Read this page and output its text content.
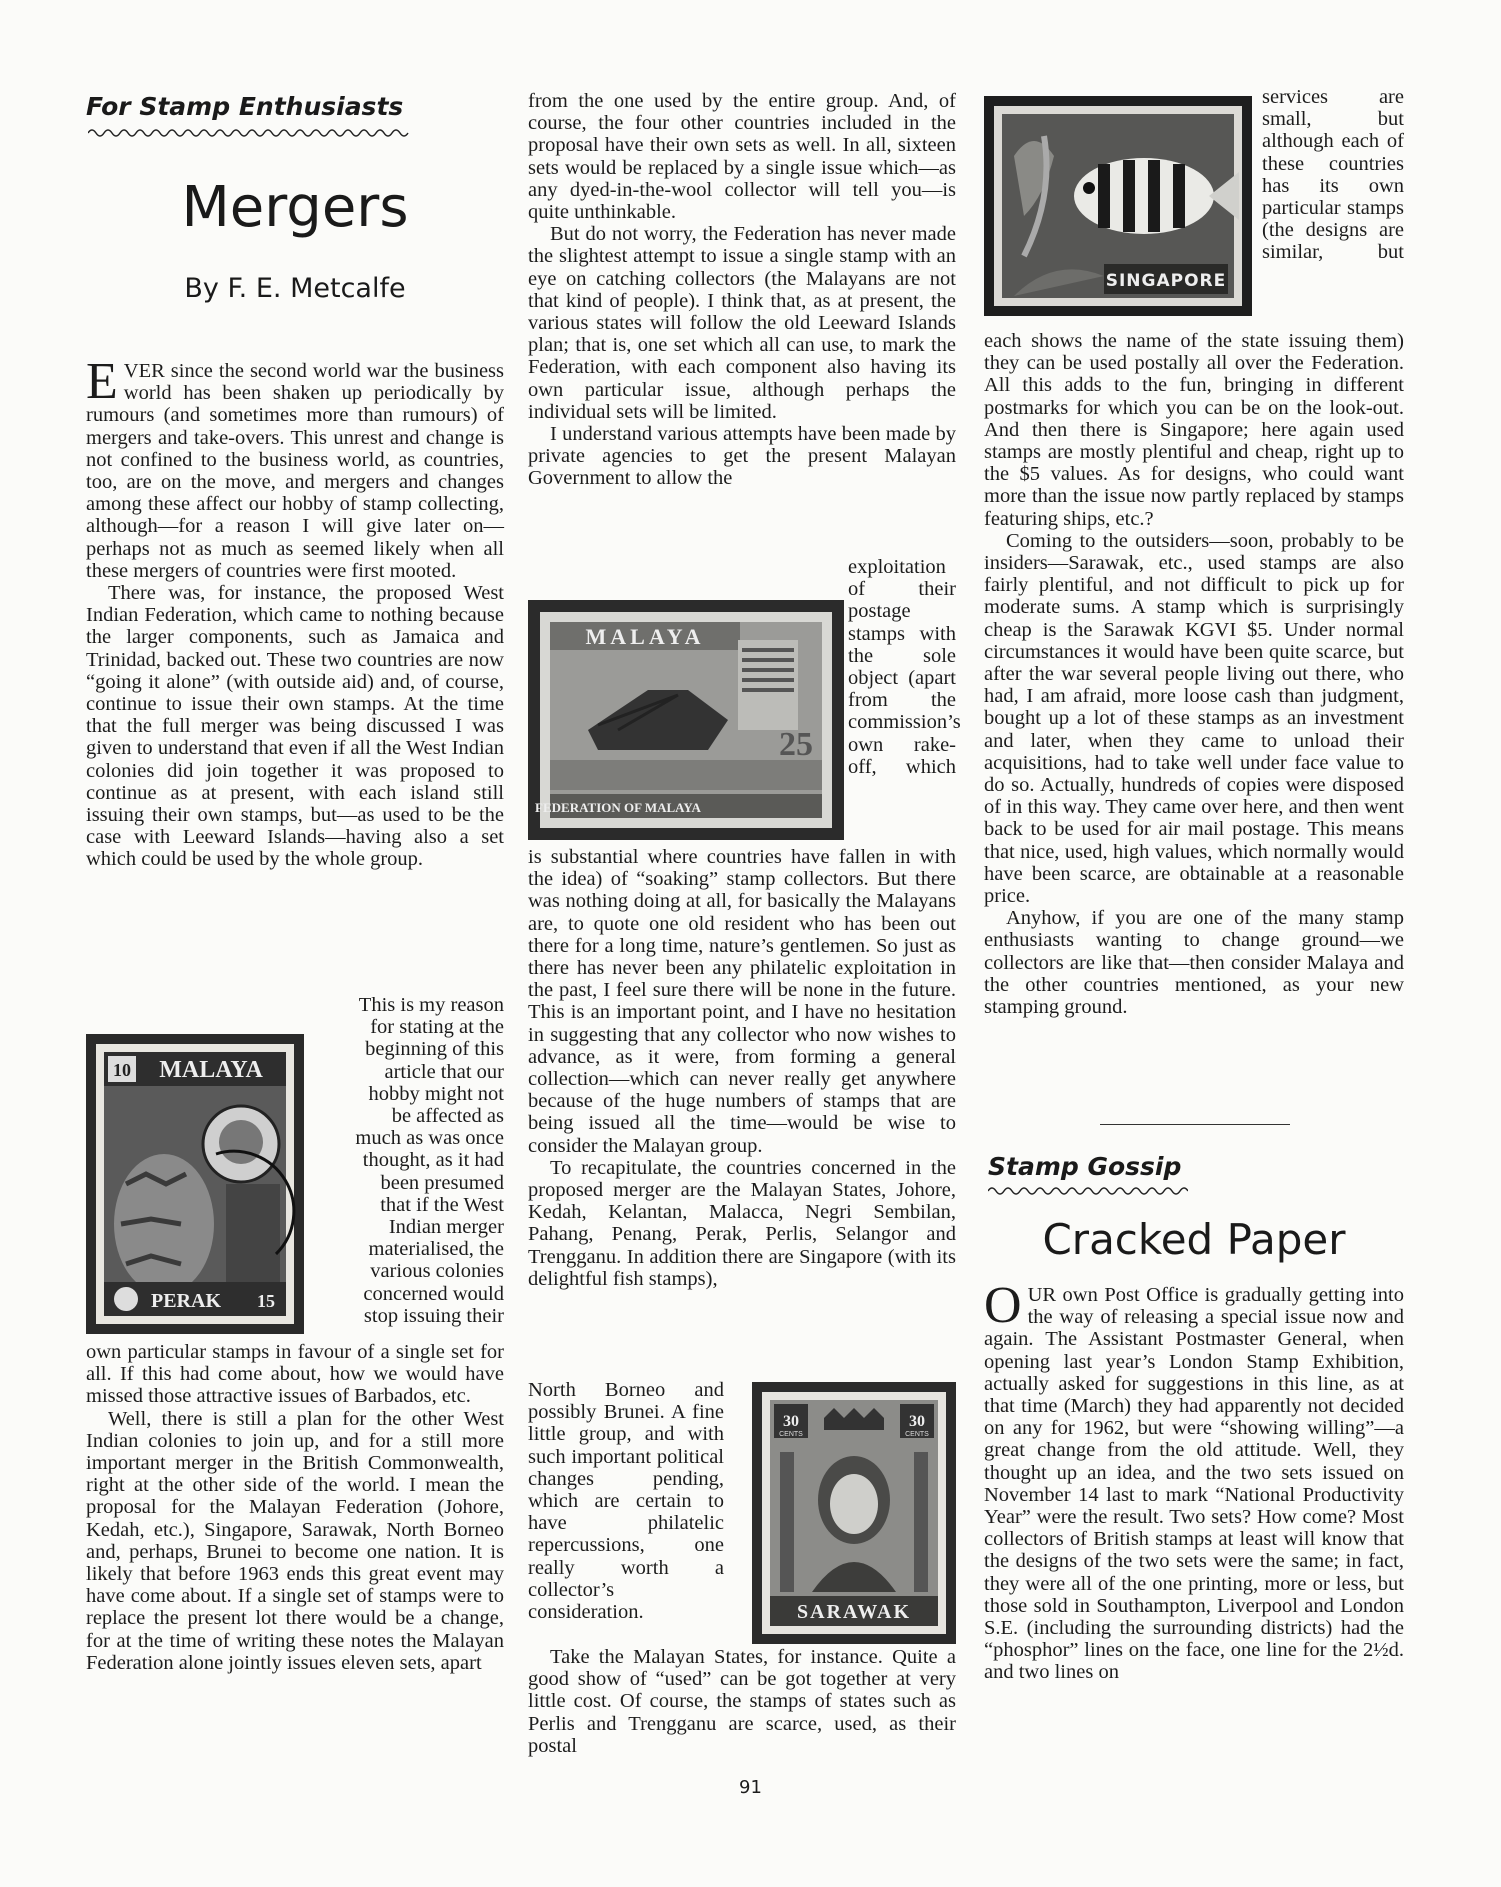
For Stamp Enthusiasts
Mergers
By F. E. Metcalfe

EVER since the second world war the business world has been shaken up periodically by rumours (and sometimes more than rumours) of mergers and take-overs. This unrest and change is not confined to the business world, as countries, too, are on the move, and mergers and changes among these affect our hobby of stamp collecting, although—for a reason I will give later on—perhaps not as much as seemed likely when all these mergers of countries were first mooted.

There was, for instance, the proposed West Indian Federation, which came to nothing because the larger components, such as Jamaica and Trinidad, backed out. These two countries are now “going it alone” (with outside aid) and, of course, continue to issue their own stamps. At the time that the full merger was being discussed I was given to understand that even if all the West Indian colonies did join together it was proposed to continue as at present, with each island still issuing their own stamps, but—as used to be the case with Leeward Islands—having also a set which could be used by the whole group.

10 MALAYA
PERAK 15

This is my reason for stating at the beginning of this article that our hobby might not be affected as much as was once thought, as it had been presumed that if the West Indian merger materialised, the various colonies concerned would stop issuing their

own particular stamps in favour of a single set for all. If this had come about, how we would have missed those attractive issues of Barbados, etc.

Well, there is still a plan for the other West Indian colonies to join up, and for a still more important merger in the British Commonwealth, right at the other side of the world. I mean the proposal for the Malayan Federation (Johore, Kedah, etc.), Singapore, Sarawak, North Borneo and, perhaps, Brunei to become one nation. It is likely that before 1963 ends this great event may have come about. If a single set of stamps were to replace the present lot there would be a change, for at the time of writing these notes the Malayan Federation alone jointly issues eleven sets, apart

from the one used by the entire group. And, of course, the four other countries included in the proposal have their own sets as well. In all, sixteen sets would be replaced by a single issue which—as any dyed-in-the-wool collector will tell you—is quite unthinkable.

But do not worry, the Federation has never made the slightest attempt to issue a single stamp with an eye on catching collectors (the Malayans are not that kind of people). I think that, as at present, the various states will follow the old Leeward Islands plan; that is, one set which all can use, to mark the Federation, with each component also having its own particular issue, although perhaps the individual sets will be limited.

I understand various attempts have been made by private agencies to get the present Malayan Government to allow the

MALAYA
25
FEDERATION OF MALAYA

exploitation of their postage stamps with the sole object (apart from the commission’s own rake-off, which

is substantial where countries have fallen in with the idea) of “soaking” stamp collectors. But there was nothing doing at all, for basically the Malayans are, to quote one old resident who has been out there for a long time, nature’s gentlemen. So just as there has never been any philatelic exploitation in the past, I feel sure there will be none in the future. This is an important point, and I have no hesitation in suggesting that any collector who now wishes to advance, as it were, from forming a general collection—which can never really get anywhere because of the huge numbers of stamps that are being issued all the time—would be wise to consider the Malayan group.

To recapitulate, the countries concerned in the proposed merger are the Malayan States, Johore, Kedah, Kelantan, Malacca, Negri Sembilan, Pahang, Penang, Perak, Perlis, Selangor and Trengganu. In addition there are Singapore (with its delightful fish stamps),

30	30
CENTS	CENTS
SARAWAK

North Borneo and possibly Brunei. A fine little group, and with such important political changes pending, which are certain to have philatelic repercussions, one really worth a collector’s consideration.

Take the Malayan States, for instance. Quite a good show of “used” can be got together at very little cost. Of course, the stamps of states such as Perlis and Trengganu are scarce, used, as their postal

SINGAPORE

services are small, but although each of these countries has its own particular stamps (the designs are similar, but

each shows the name of the state issuing them) they can be used postally all over the Federation. All this adds to the fun, bringing in different postmarks for which you can be on the look-out. And then there is Singapore; here again used stamps are mostly plentiful and cheap, right up to the $5 values. As for designs, who could want more than the issue now partly replaced by stamps featuring ships, etc.?

Coming to the outsiders—soon, probably to be insiders—Sarawak, etc., used stamps are also fairly plentiful, and not difficult to pick up for moderate sums. A stamp which is surprisingly cheap is the Sarawak KGVI $5. Under normal circumstances it would have been quite scarce, but after the war several people living out there, who had, I am afraid, more loose cash than judgment, bought up a lot of these stamps as an investment and later, when they came to unload their acquisitions, had to take well under face value to do so. Actually, hundreds of copies were disposed of in this way. They came over here, and then went back to be used for air mail postage. This means that nice, used, high values, which normally would have been scarce, are obtainable at a reasonable price.

Anyhow, if you are one of the many stamp enthusiasts wanting to change ground—we collectors are like that—then consider Malaya and the other countries mentioned, as your new stamping ground.

Stamp Gossip
Cracked Paper

OUR own Post Office is gradually getting into the way of releasing a special issue now and again. The Assistant Postmaster General, when opening last year’s London Stamp Exhibition, actually asked for suggestions in this line, as at that time (March) they had apparently not decided on any for 1962, but were “showing willing”—a great change from the old attitude. Well, they thought up an idea, and the two sets issued on November 14 last to mark “National Productivity Year” were the result. Two sets? How come? Most collectors of British stamps at least will know that the designs of the two sets were the same; in fact, they were all of the one printing, more or less, but those sold in Southampton, Liverpool and London S.E. (including the surrounding districts) had the “phosphor” lines on the face, one line for the 2½d. and two lines on

91
